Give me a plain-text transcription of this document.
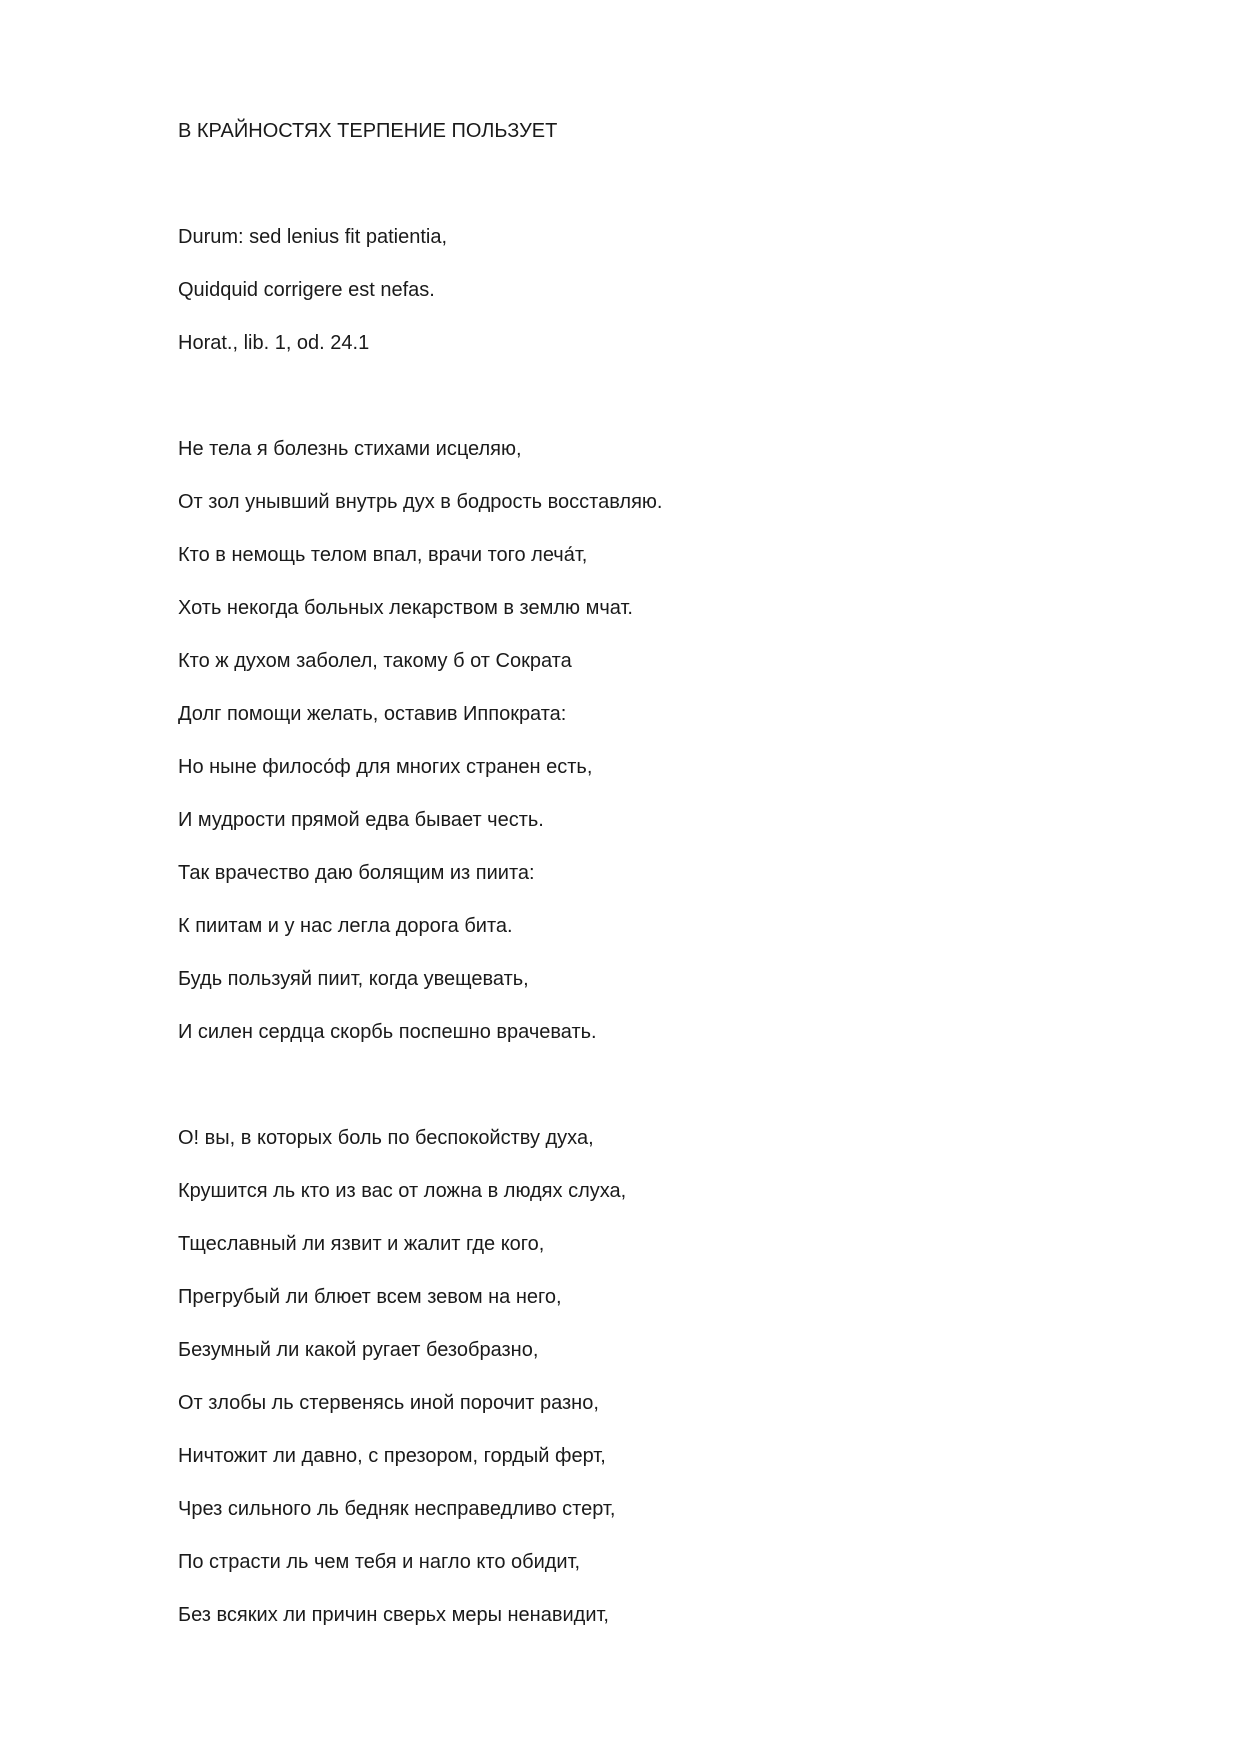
В КРАЙНОСТЯХ ТЕРПЕНИЕ ПОЛЬЗУЕТ
Durum: sed lenius fit patientia,
Quidquid corrigere est nefas.
Horat., lib. 1, od. 24.1
Не тела я болезнь стихами исцеляю,
От зол унывший внутрь дух в бодрость восставляю.
Кто в немощь телом впал, врачи того леча́т,
Хоть некогда больных лекарством в землю мчат.
Кто ж духом заболел, такому б от Сократа
Долг помощи желать, оставив Иппократа:
Но ныне филосо́ф для многих странен есть,
И мудрости прямой едва бывает честь.
Так врачество даю болящим из пиита:
К пиитам и у нас легла дорога бита.
Будь пользуяй пиит, когда увещевать,
И силен сердца скорбь поспешно врачевать.
О! вы, в которых боль по беспокойству духа,
Крушится ль кто из вас от ложна в людях слуха,
Тщеславный ли язвит и жалит где кого,
Прегрубый ли блюет всем зевом на него,
Безумный ли какой ругает безобразно,
От злобы ль стервенясь иной порочит разно,
Ничтожит ли давно, с презором, гордый ферт,
Чрез сильного ль бедняк несправедливо стерт,
По страсти ль чем тебя и нагло кто обидит,
Без всяких ли причин сверьх меры ненавидит,
